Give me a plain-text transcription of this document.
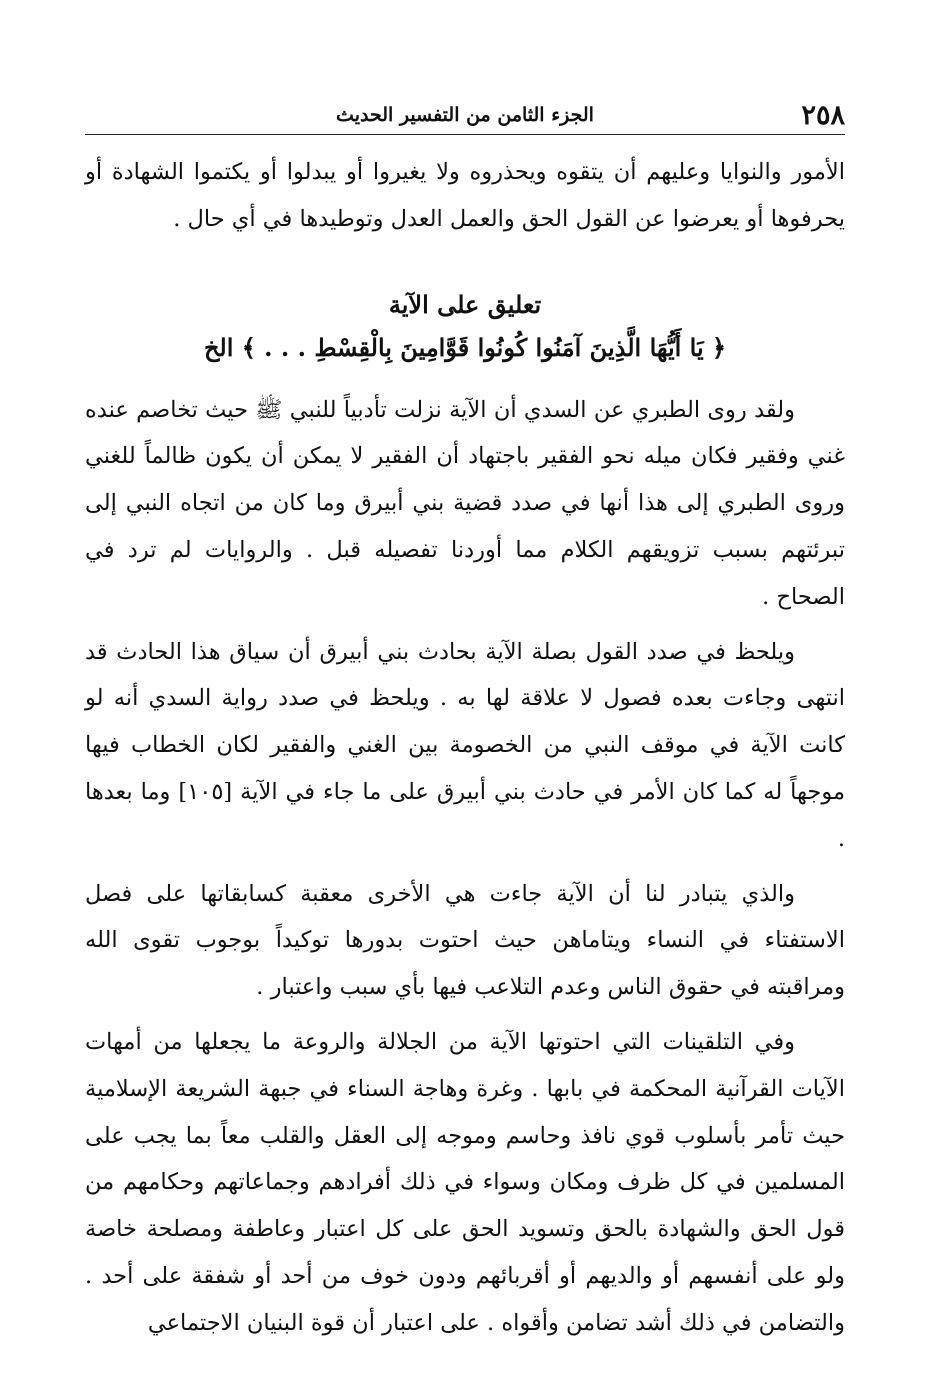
٢٥٨
الجزء الثامن من التفسير الحديث

الأمور والنوايا وعليهم أن يتقوه ويحذروه ولا يغيروا أو يبدلوا أو يكتموا الشهادة أو يحرفوها أو يعرضوا عن القول الحق والعمل العدل وتوطيدها في أي حال .

تعليق على الآية
﴿ يَا أَيُّهَا الَّذِينَ آمَنُوا كُونُوا قَوَّامِينَ بِالْقِسْطِ . . . ﴾ الخ

ولقد روى الطبري عن السدي أن الآية نزلت تأدبياً للنبي ﷺ حيث تخاصم عنده غني وفقير فكان ميله نحو الفقير باجتهاد أن الفقير لا يمكن أن يكون ظالماً للغني وروى الطبري إلى هذا أنها في صدد قضية بني أبيرق وما كان من اتجاه النبي إلى تبرئتهم بسبب تزويقهم الكلام مما أوردنا تفصيله قبل . والروايات لم ترد في الصحاح .

ويلحظ في صدد القول بصلة الآية بحادث بني أبيرق أن سياق هذا الحادث قد انتهى وجاءت بعده فصول لا علاقة لها به . ويلحظ في صدد رواية السدي أنه لو كانت الآية في موقف النبي من الخصومة بين الغني والفقير لكان الخطاب فيها موجهاً له كما كان الأمر في حادث بني أبيرق على ما جاء في الآية [١٠٥] وما بعدها .

والذي يتبادر لنا أن الآية جاءت هي الأخرى معقبة كسابقاتها على فصل الاستفتاء في النساء ويتاماهن حيث احتوت بدورها توكيداً بوجوب تقوى الله ومراقبته في حقوق الناس وعدم التلاعب فيها بأي سبب واعتبار .

وفي التلقينات التي احتوتها الآية من الجلالة والروعة ما يجعلها من أمهات الآيات القرآنية المحكمة في بابها . وغرة وهاجة السناء في جبهة الشريعة الإسلامية حيث تأمر بأسلوب قوي نافذ وحاسم وموجه إلى العقل والقلب معاً بما يجب على المسلمين في كل ظرف ومكان وسواء في ذلك أفرادهم وجماعاتهم وحكامهم من قول الحق والشهادة بالحق وتسويد الحق على كل اعتبار وعاطفة ومصلحة خاصة ولو على أنفسهم أو والديهم أو أقربائهم ودون خوف من أحد أو شفقة على أحد . والتضامن في ذلك أشد تضامن وأقواه . على اعتبار أن قوة البنيان الاجتماعي
